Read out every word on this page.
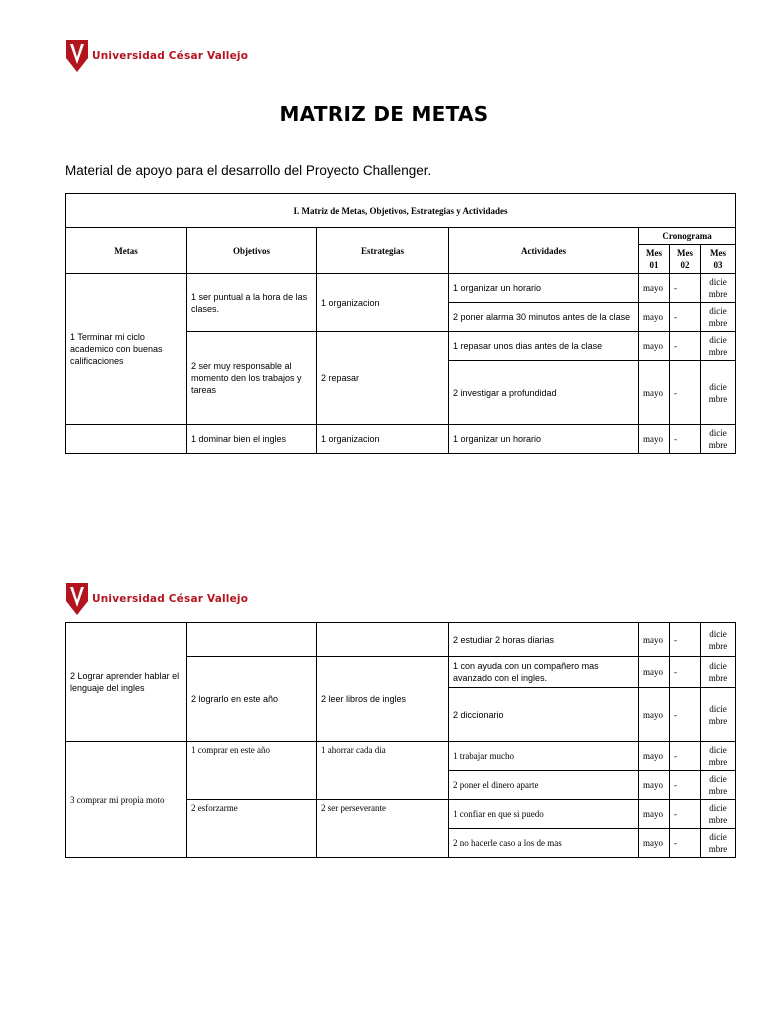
Universidad César Vallejo
MATRIZ DE METAS
Material de apoyo para el desarrollo del Proyecto Challenger.
I. Matriz de Metas, Objetivos, Estrategias y Actividades						
Metas	Objetivos	Estrategias	Actividades	Cronograma		
				Mes 01	Mes 02	Mes 03
1 Terminar mi ciclo academico con buenas calificaciones	1 ser puntual a la hora de las clases.	1 organizacion	1 organizar un horario	mayo	-	dicie mbre
			2 poner alarma 30 minutos antes de la clase	mayo	-	dicie mbre
	2 ser muy responsable al momento den los trabajos y tareas	2 repasar	1 repasar unos dias antes de la clase	mayo	-	dicie mbre
			2 investigar a profundidad	mayo	-	dicie mbre
	1 dominar bien el ingles	1 organizacion	1 organizar un horario	mayo	-	dicie mbre
Universidad César Vallejo
2 Lograr aprender hablar el lenguaje del ingles			2 estudiar 2 horas diarias	mayo	-	dicie mbre
	2 lograrlo en este año	2 leer libros de ingles	1 con ayuda con un compañero mas avanzado con el ingles.	mayo	-	dicie mbre
			2 diccionario	mayo	-	dicie mbre

3 comprar mi propia moto	1 comprar en este año	1 ahorrar cada dia	1 trabajar mucho	mayo	-	dicie mbre
			2 poner el dinero aparte	mayo	-	dicie mbre
	2 esforzarme	2 ser perseverante	1 confiar en que si puedo	mayo	-	dicie mbre
			2 no hacerle caso a los de mas	mayo	-	dicie mbre
